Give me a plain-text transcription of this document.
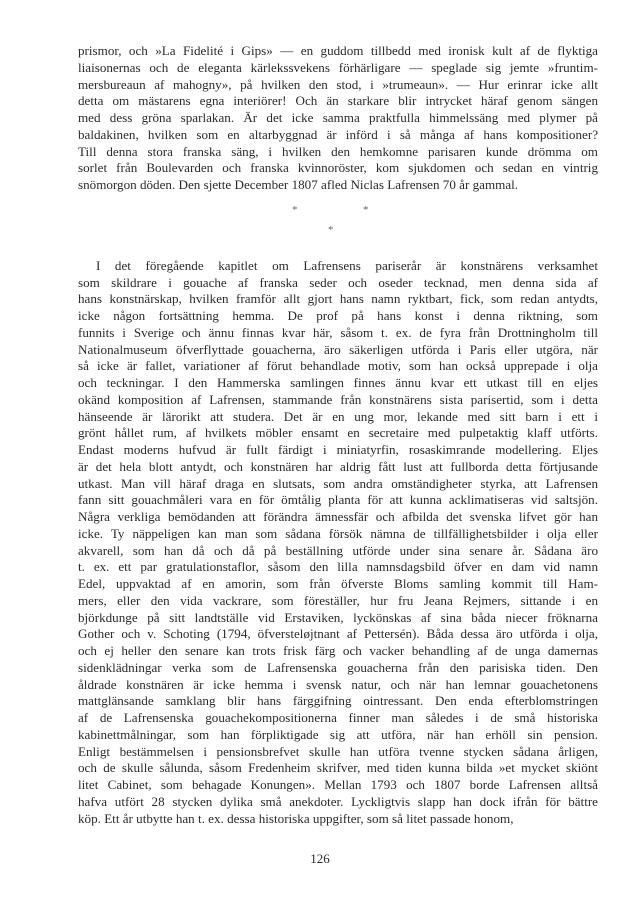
prismor, och »La Fidelité i Gips» — en guddom tillbedd med ironisk kult af de flyktiga
liaisonernas och de eleganta kärlekssvekens förhärligare — speglade sig jemte »fruntim-
mersbureaun af mahogny», på hvilken den stod, i »trumeaun». — Hur erinrar icke allt
detta om mästarens egna interiörer! Och än starkare blir intrycket häraf genom sängen
med dess gröna sparlakan. Är det icke samma praktfulla himmelssäng med plymer på
baldakinen, hvilken som en altarbyggnad är införd i så många af hans kompositioner?
Till denna stora franska säng, i hvilken den hemkomne parisaren kunde drömma om
sorlet från Boulevarden och franska kvinnoröster, kom sjukdomen och sedan en vintrig
snömorgon döden. Den sjette December 1807 afled Niclas Lafrensen 70 år gammal.

*	*
*

I det föregående kapitlet om Lafrensens pariserår är konstnärens verksamhet
som skildrare i gouache af franska seder och oseder tecknad, men denna sida af
hans konstnärskap, hvilken framför allt gjort hans namn ryktbart, fick, som redan antydts,
icke någon fortsättning hemma. De prof på hans konst i denna riktning, som
funnits i Sverige och ännu finnas kvar här, såsom t. ex. de fyra från Drottningholm till
Nationalmuseum öfverflyttade gouacherna, äro säkerligen utförda i Paris eller utgöra, när
så icke är fallet, variationer af förut behandlade motiv, som han också upprepade i olja
och teckningar. I den Hammerska samlingen finnes ännu kvar ett utkast till en eljes
okänd komposition af Lafrensen, stammande från konstnärens sista parisertid, som i detta
hänseende är lärorikt att studera. Det är en ung mor, lekande med sitt barn i ett i
grönt hållet rum, af hvilkets möbler ensamt en secretaire med pulpetaktig klaff utförts.
Endast moderns hufvud är fullt färdigt i miniatyrfin, rosaskimrande modellering. Eljes
är det hela blott antydt, och konstnären har aldrig fått lust att fullborda detta förtjusande
utkast. Man vill häraf draga en slutsats, som andra omständigheter styrka, att Lafrensen
fann sitt gouachmåleri vara en för ömtålig planta för att kunna acklimatiseras vid saltsjön.
Några verkliga bemödanden att förändra ämnessfär och afbilda det svenska lifvet gör han
icke. Ty näppeligen kan man som sådana försök nämna de tillfällighetsbilder i olja eller
akvarell, som han då och då på beställning utförde under sina senare år. Sådana äro
t. ex. ett par gratulationstaflor, såsom den lilla namnsdagsbild öfver en dam vid namn
Edel, uppvaktad af en amorin, som från öfverste Bloms samling kommit till Ham-
mers, eller den vida vackrare, som föreställer, hur fru Jeana Rejmers, sittande i en
björkdunge på sitt landtställe vid Erstaviken, lyckönskas af sina båda niecer fröknarna
Gother och v. Schoting (1794, öfversteløjtnant af Pettersén). Båda dessa äro utförda i olja,
och ej heller den senare kan trots frisk färg och vacker behandling af de unga damernas
sidenklädningar verka som de Lafrensenska gouacherna från den parisiska tiden. Den
åldrade konstnären är icke hemma i svensk natur, och när han lemnar gouachetonens
mattglänsande samklang blir hans färggifning ointressant. Den enda efterblomstringen
af de Lafrensenska gouachekompositionerna finner man således i de små historiska
kabinettmålningar, som han förpliktigade sig att utföra, när han erhöll sin pension.
Enligt bestämmelsen i pensionsbrefvet skulle han utföra tvenne stycken sådana årligen,
och de skulle sålunda, såsom Fredenheim skrifver, med tiden kunna bilda »et mycket skiönt
litet Cabinet, som behagade Konungen». Mellan 1793 och 1807 borde Lafrensen alltså
hafva utfört 28 stycken dylika små anekdoter. Lyckligtvis slapp han dock ifrån för bättre
köp. Ett år utbytte han t. ex. dessa historiska uppgifter, som så litet passade honom,

126
